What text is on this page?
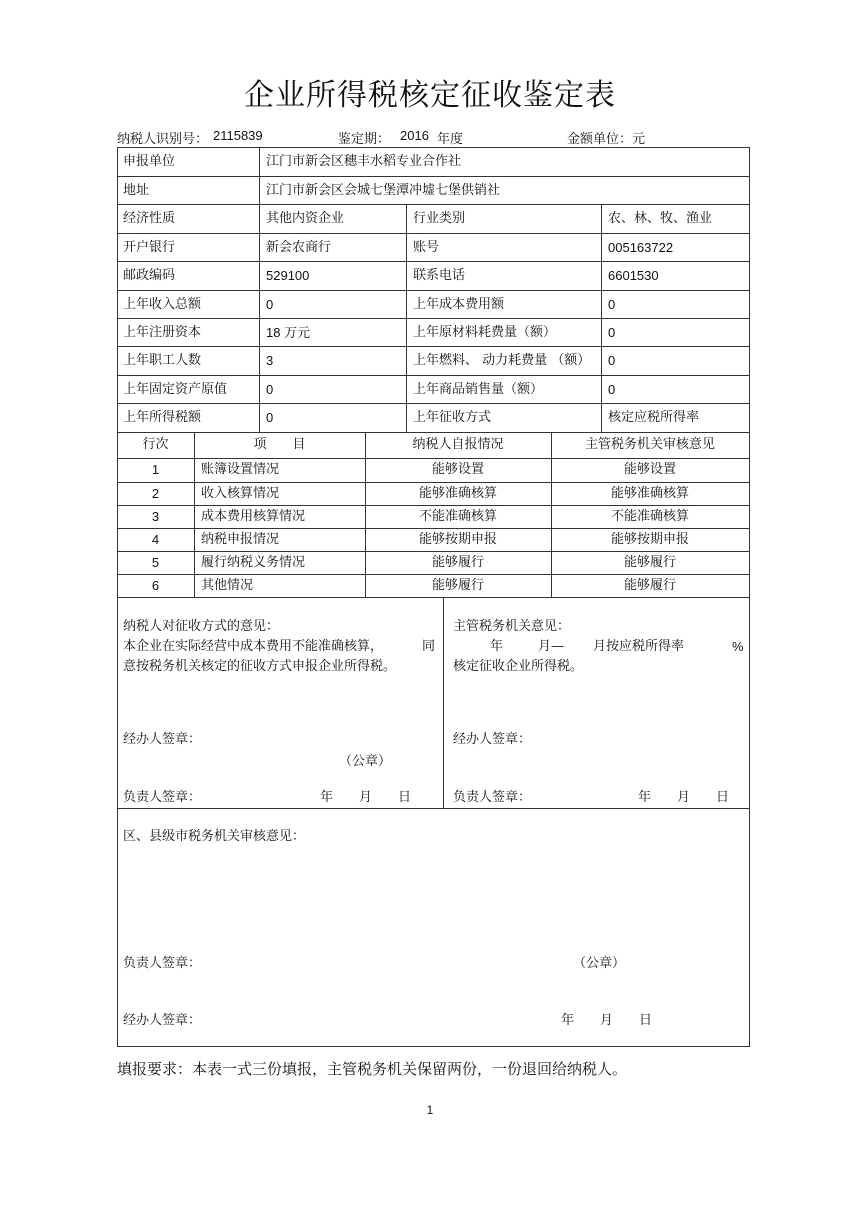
企业所得税核定征收鉴定表
纳税人识别号： 2115839	鉴定期： 2016 年度	金额单位：元
申报单位	江门市新会区穗丰水稻专业合作社
地址	江门市新会区会城七堡潭冲墟七堡供销社
经济性质	其他内资企业	行业类别	农、林、牧、渔业
开户银行	新会农商行	账号	005163722
邮政编码	529100	联系电话	6601530
上年收入总额	0	上年成本费用额	0
上年注册资本	18 万元	上年原材料耗费量（额）	0
上年职工人数	3	上年燃料、 动力耗费量 （额） 0
上年固定资产原值	0	上年商品销售量（额）	0
上年所得税额	0	上年征收方式	核定应税所得率
行次	项　　目	纳税人自报情况	主管税务机关审核意见
1	账簿设置情况	能够设置	能够设置
2	收入核算情况	能够准确核算	能够准确核算
3	成本费用核算情况	不能准确核算	不能准确核算
4	纳税申报情况	能够按期申报	能够按期申报
5	履行纳税义务情况	能够履行	能够履行
6	其他情况	能够履行	能够履行
纳税人对征收方式的意见：
本企业在实际经营中成本费用不能准确核算，	同
意按税务机关核定的征收方式申报企业所得税。
经办人签章：
（公章）
负责人签章：	年　　月　　日
主管税务机关意见：
年	月— 月按应税所得率	%
核定征收企业所得税。
经办人签章：
负责人签章：	年　　月　　日
区、县级市税务机关审核意见：
负责人签章：	（公章）
经办人签章：	年　　月　　日
填报要求：本表一式三份填报，主管税务机关保留两份，一份退回给纳税人。
1
